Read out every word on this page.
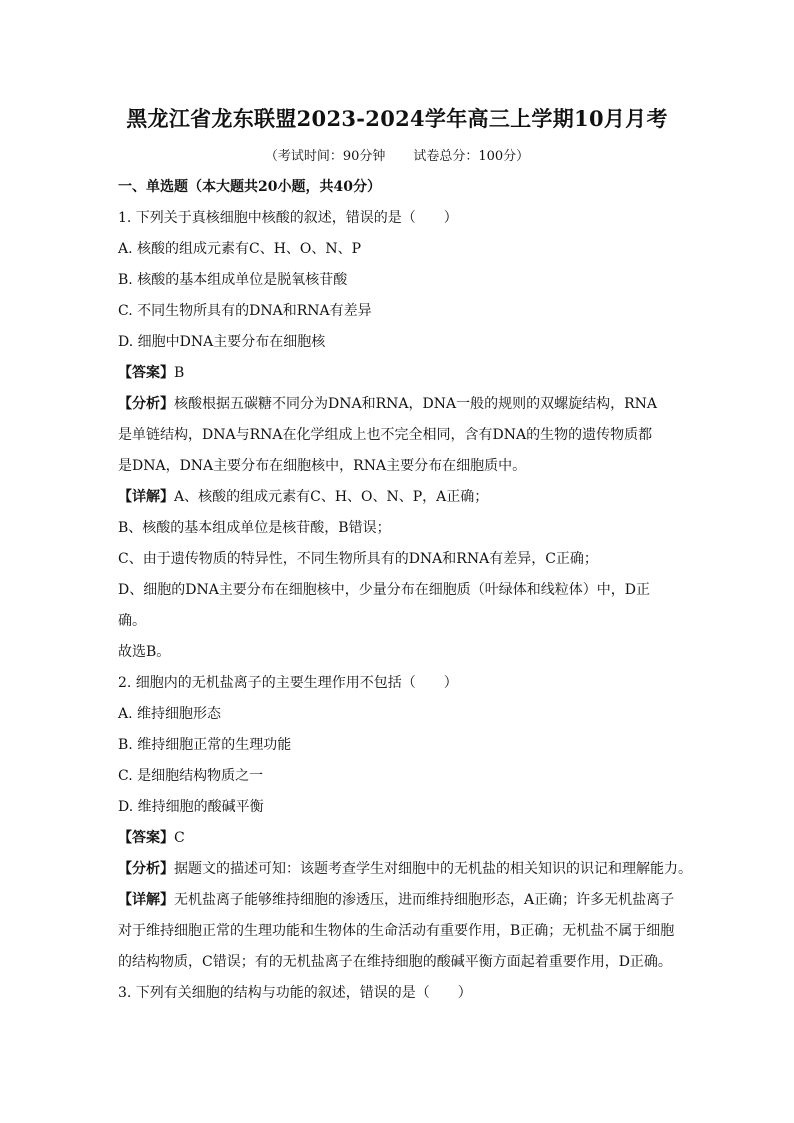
黑龙江省龙东联盟2023-2024学年高三上学期10月月考
（考试时间：90分钟 试卷总分：100分）
一、单选题（本大题共20小题，共40分）
1. 下列关于真核细胞中核酸的叙述，错误的是（　　）
A. 核酸的组成元素有C、H、O、N、P
B. 核酸的基本组成单位是脱氧核苷酸
C. 不同生物所具有的DNA和RNA有差异
D. 细胞中DNA主要分布在细胞核
【答案】B
【分析】核酸根据五碳糖不同分为DNA和RNA，DNA一般的规则的双螺旋结构，RNA
是单链结构，DNA与RNA在化学组成上也不完全相同，含有DNA的生物的遗传物质都
是DNA，DNA主要分布在细胞核中，RNA主要分布在细胞质中。
【详解】A、核酸的组成元素有C、H、O、N、P，A正确；
B、核酸的基本组成单位是核苷酸，B错误；
C、由于遗传物质的特异性，不同生物所具有的DNA和RNA有差异，C正确；
D、细胞的DNA主要分布在细胞核中，少量分布在细胞质（叶绿体和线粒体）中，D正
确。
故选B。
2. 细胞内的无机盐离子的主要生理作用不包括（　　）
A. 维持细胞形态
B. 维持细胞正常的生理功能
C. 是细胞结构物质之一
D. 维持细胞的酸碱平衡
【答案】C
【分析】据题文的描述可知：该题考查学生对细胞中的无机盐的相关知识的识记和理解能力。
【详解】无机盐离子能够维持细胞的渗透压，进而维持细胞形态，A正确；许多无机盐离子
对于维持细胞正常的生理功能和生物体的生命活动有重要作用，B正确；无机盐不属于细胞
的结构物质，C错误；有的无机盐离子在维持细胞的酸碱平衡方面起着重要作用，D正确。
3. 下列有关细胞的结构与功能的叙述，错误的是（　　）
